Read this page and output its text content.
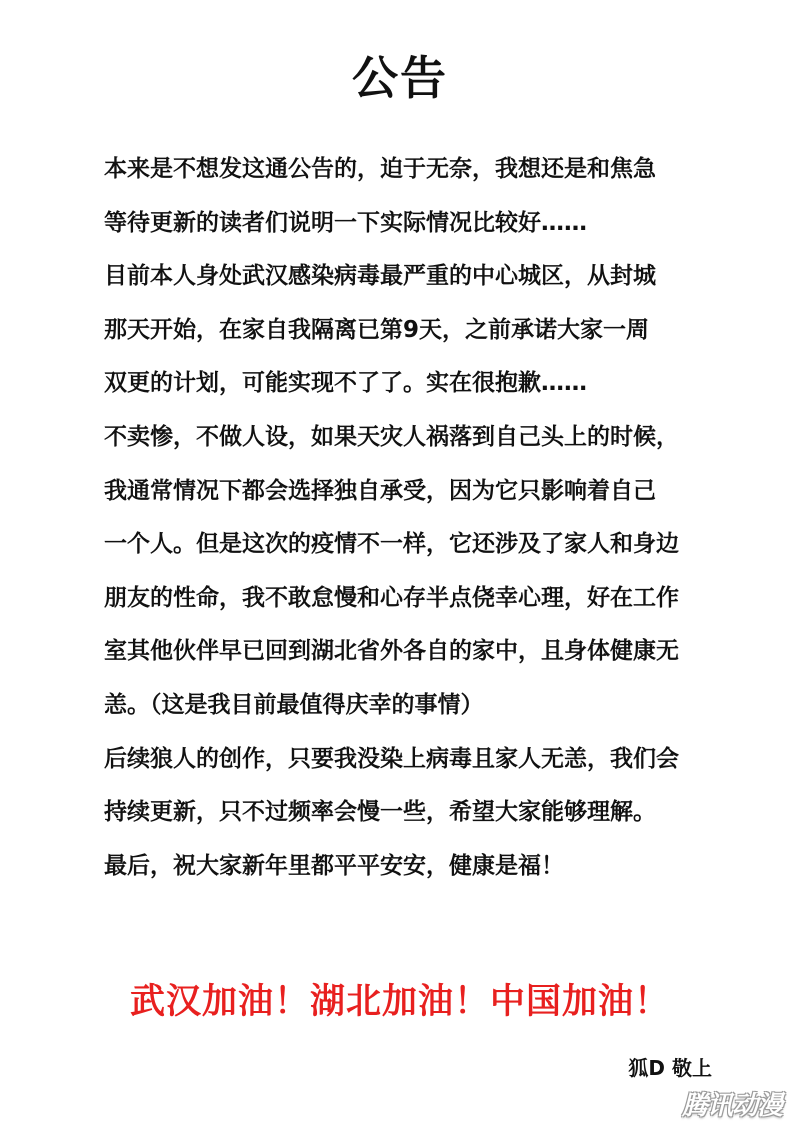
公告
本来是不想发这通公告的，迫于无奈，我想还是和焦急
等待更新的读者们说明一下实际情况比较好……
目前本人身处武汉感染病毒最严重的中心城区，从封城
那天开始，在家自我隔离已第9天，之前承诺大家一周
双更的计划，可能实现不了了。实在很抱歉……
不卖惨，不做人设，如果天灾人祸落到自己头上的时候，
我通常情况下都会选择独自承受，因为它只影响着自己
一个人。但是这次的疫情不一样，它还涉及了家人和身边
朋友的性命，我不敢怠慢和心存半点侥幸心理，好在工作
室其他伙伴早已回到湖北省外各自的家中，且身体健康无
恙。（这是我目前最值得庆幸的事情）
后续狼人的创作，只要我没染上病毒且家人无恙，我们会
持续更新，只不过频率会慢一些，希望大家能够理解。
最后，祝大家新年里都平平安安，健康是福！
武汉加油！湖北加油！中国加油！
狐D 敬上
腾讯动漫
